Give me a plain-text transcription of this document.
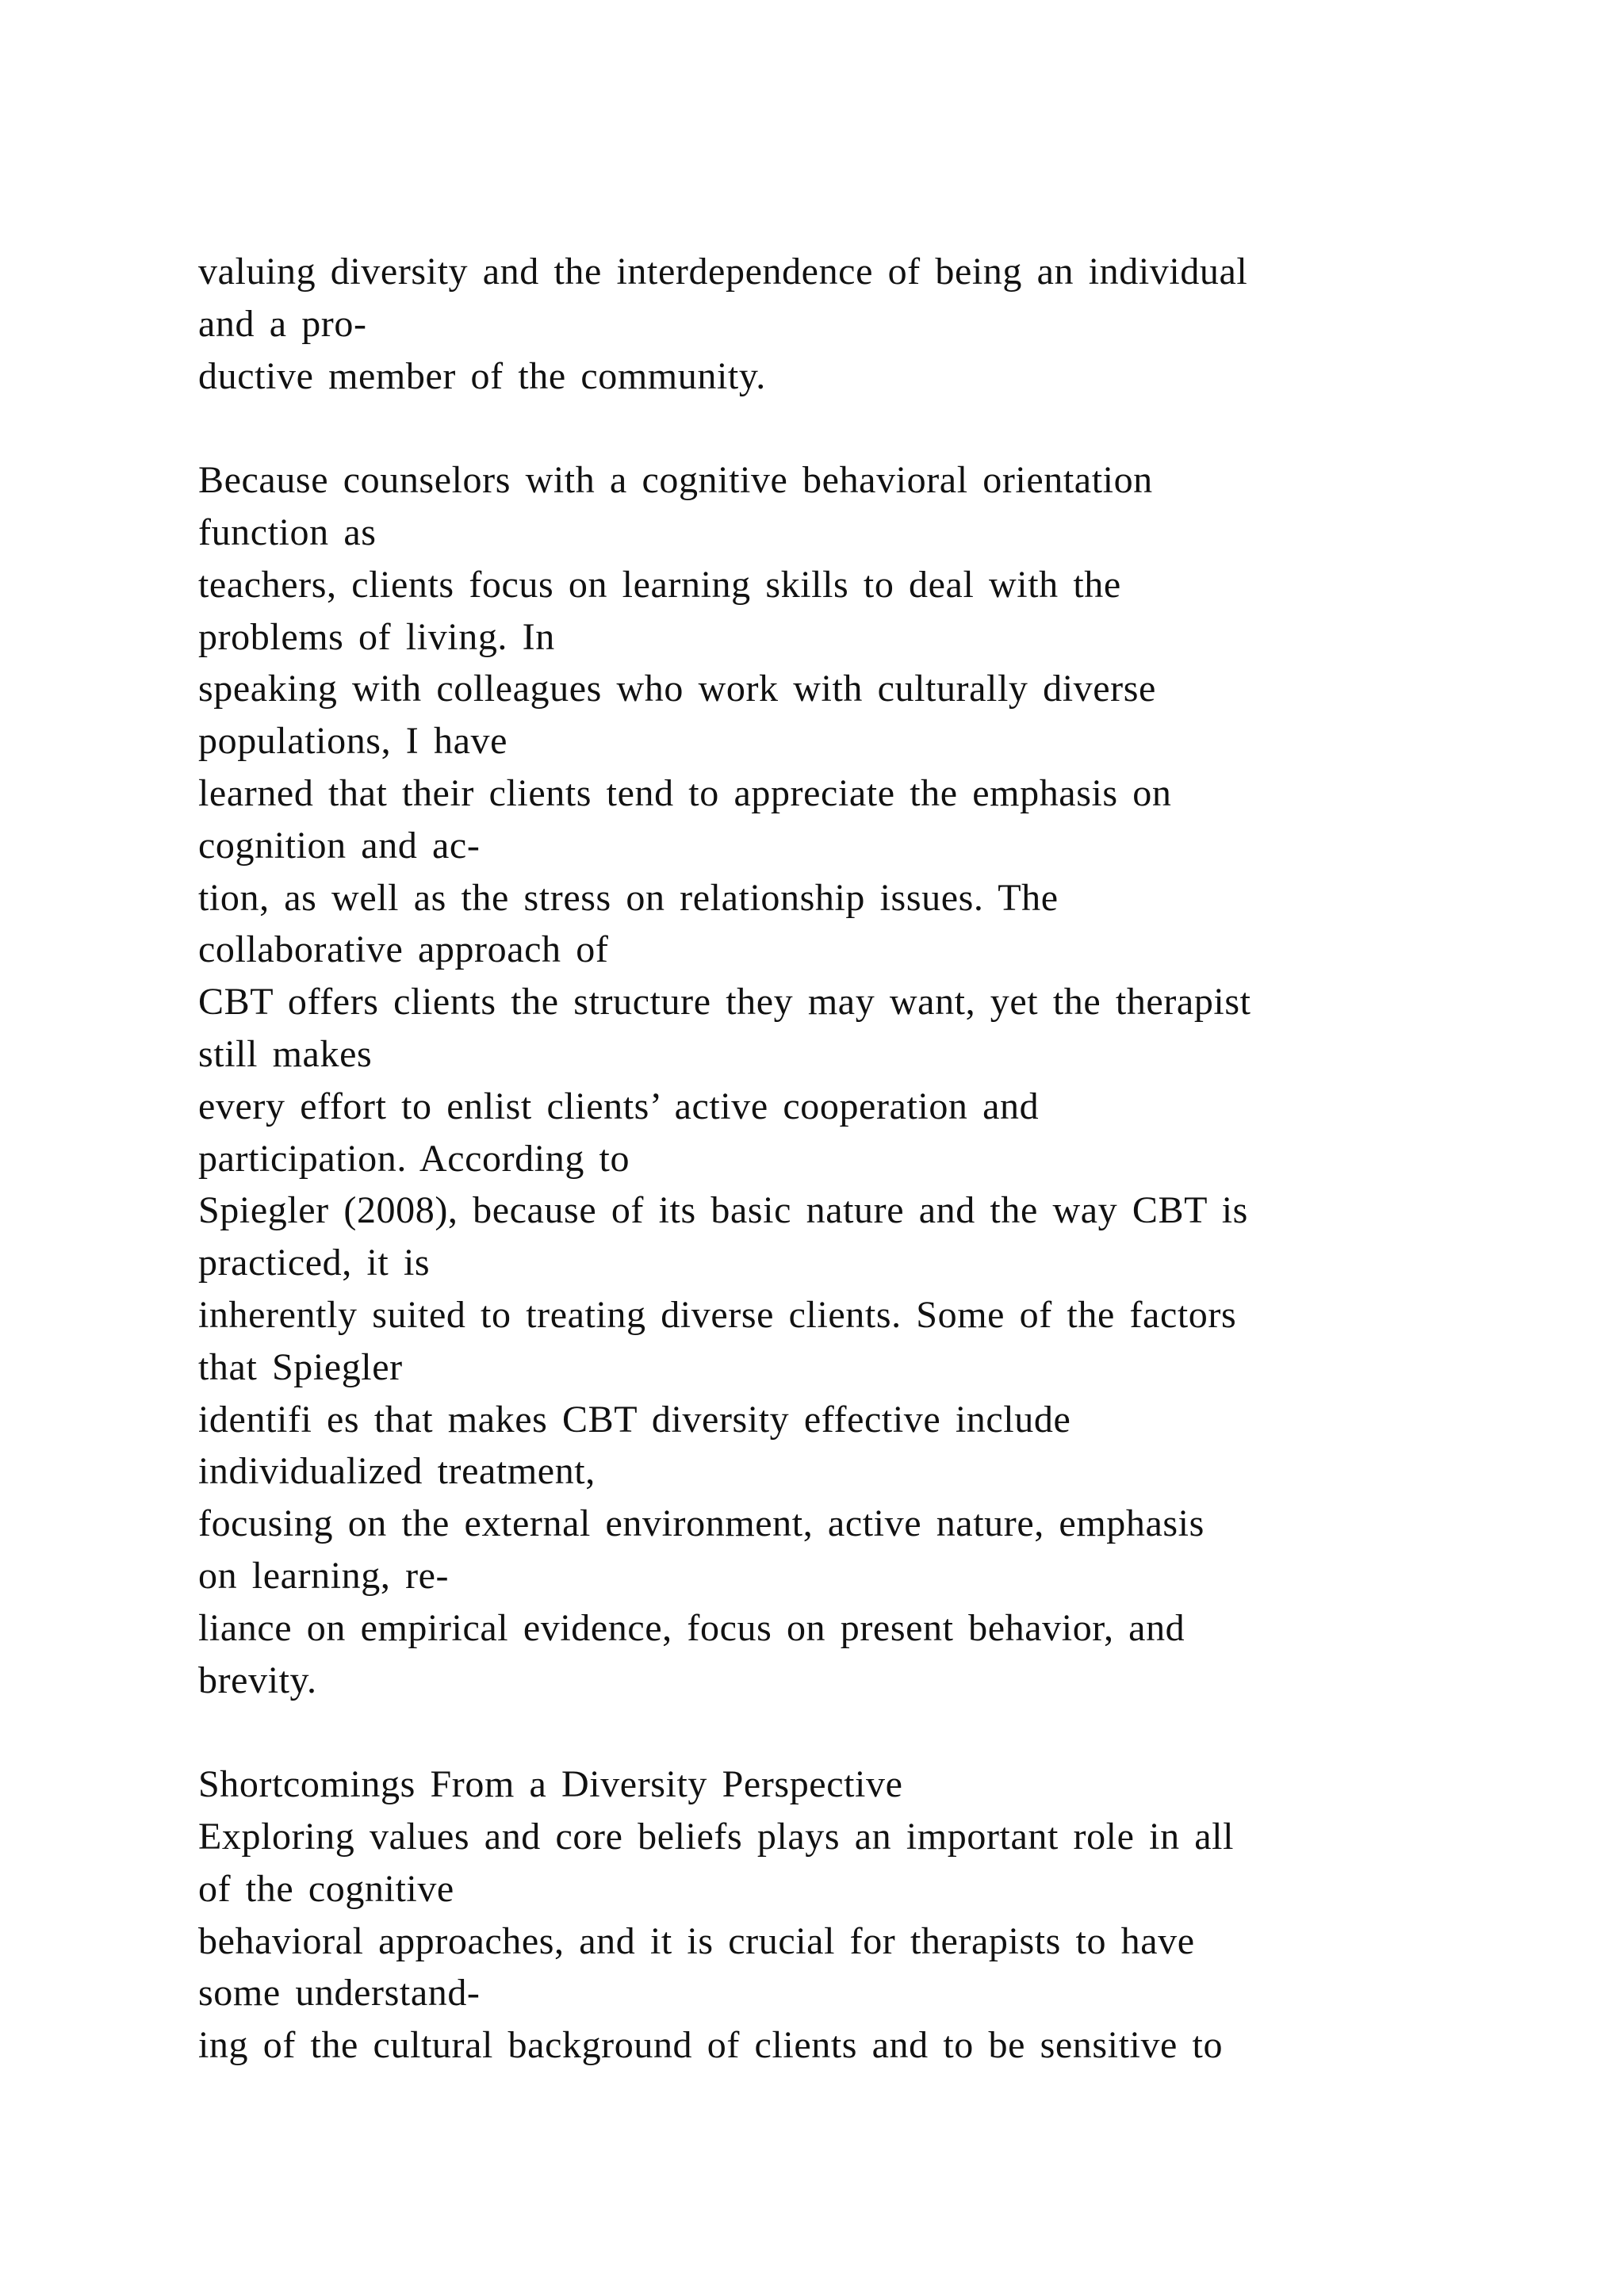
valuing diversity and the interdependence of being an individual
and a pro-
ductive member of the community.
Because counselors with a cognitive behavioral orientation
function as
teachers, clients focus on learning skills to deal with the
problems of living. In
speaking with colleagues who work with culturally diverse
populations, I have
learned that their clients tend to appreciate the emphasis on
cognition and ac-
tion, as well as the stress on relationship issues. The
collaborative approach of
CBT offers clients the structure they may want, yet the therapist
still makes
every effort to enlist clients’ active cooperation and
participation. According to
Spiegler (2008), because of its basic nature and the way CBT is
practiced, it is
inherently suited to treating diverse clients. Some of the factors
that Spiegler
identifi es that makes CBT diversity effective include
individualized treatment,
focusing on the external environment, active nature, emphasis
on learning, re-
liance on empirical evidence, focus on present behavior, and
brevity.
Shortcomings From a Diversity Perspective
Exploring values and core beliefs plays an important role in all
of the cognitive
behavioral approaches, and it is crucial for therapists to have
some understand-
ing of the cultural background of clients and to be sensitive to
